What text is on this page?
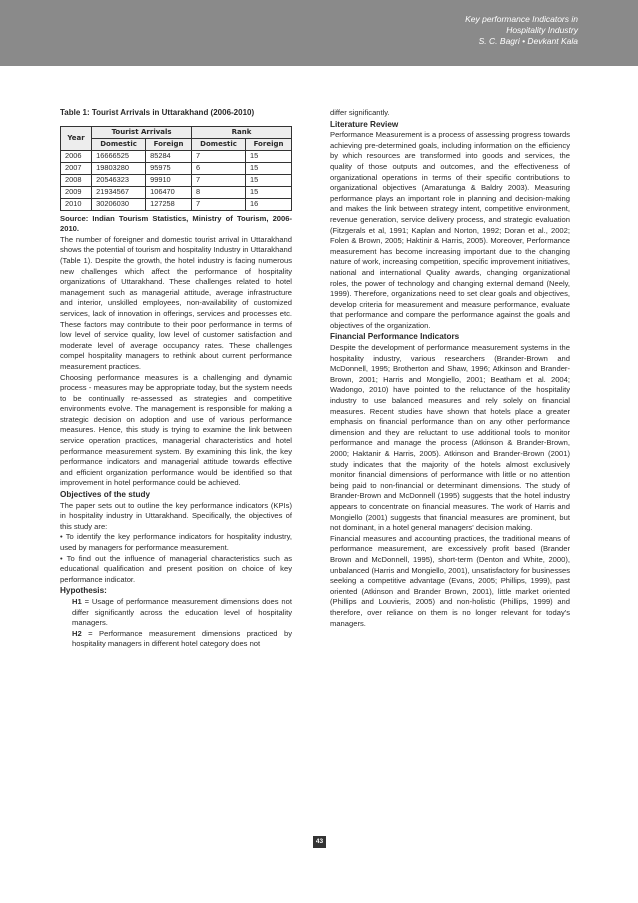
Key performance Indicators in
Hospitality Industry
S. C. Bagri • Devkant Kala
Table 1: Tourist Arrivals in Uttarakhand (2006-2010)
Year	Tourist Arrivals		Rank	
	Domestic	Foreign	Domestic	Foreign
2006	16666525	85284	7	15
2007	19803280	95975	6	15
2008	20546323	99910	7	15
2009	21934567	106470	8	15
2010	30206030	127258	7	16
Source: Indian Tourism Statistics, Ministry of Tourism, 2006-2010.

The number of foreigner and domestic tourist arrival in Uttarakhand shows the potential of tourism and hospitality Industry in Uttarakhand (Table 1). Despite the growth, the hotel industry is facing numerous new challenges which affect the performance of hospitality organizations of Uttarakhand. These challenges related to hotel management such as managerial attitude, average infrastructure and interior, unskilled employees, non-availability of customized services, lack of innovation in offerings, services and processes etc. These factors may contribute to their poor performance in terms of low level of service quality, low level of customer satisfaction and moderate level of average occupancy rates. These challenges compel hospitality managers to rethink about current performance measurement practices.

Choosing performance measures is a challenging and dynamic process - measures may be appropriate today, but the system needs to be continually re-assessed as strategies and competitive environments evolve. The management is responsible for making a strategic decision on adoption and use of various performance measures. Hence, this study is trying to examine the link between service operation practices, managerial characteristics and hotel performance measurement system. By examining this link, the key performance indicators and managerial attitude towards effective and efficient organization performance would be identified so that improvement in hotel performance could be achieved.

Objectives of the study

The paper sets out to outline the key performance indicators (KPIs) in hospitality industry in Uttarakhand. Specifically, the objectives of this study are:

• To identify the key performance indicators for hospitality industry, used by managers for performance measurement.

• To find out the influence of managerial characteristics such as educational qualification and present position on choice of key performance indicator.

Hypothesis:

H1 = Usage of performance measurement dimensions does not differ significantly across the education level of hospitality managers.

H2 = Performance measurement dimensions practiced by hospitality managers in different hotel category does not

differ significantly.

Literature Review

Performance Measurement is a process of assessing progress towards achieving pre-determined goals, including information on the efficiency by which resources are transformed into goods and services, the quality of those outputs and outcomes, and the effectiveness of organizational operations in terms of their specific contributions to organizational objectives (Amaratunga & Baldry 2003). Measuring performance plays an important role in planning and decision-making and makes the link between strategy intent, competitive environment, revenue generation, service delivery process, and strategic evaluation (Fitzgerals et al, 1991; Kaplan and Norton, 1992; Doran et al., 2002; Folen & Brown, 2005; Haktinir & Harris, 2005). Moreover, Performance measurement has become increasing important due to the changing nature of work, increasing competition, specific improvement initiatives, national and international Quality awards, changing organizational roles, the power of technology and changing external demand (Neely, 1999). Therefore, organizations need to set clear goals and objectives, develop criteria for measurement and measure performance, evaluate that performance and compare the performance against the goals and objectives of the organization.

Financial Performance Indicators

Despite the development of performance measurement systems in the hospitality industry, various researchers (Brander-Brown and McDonnell, 1995; Brotherton and Shaw, 1996; Atkinson and Brander-Brown, 2001; Harris and Mongiello, 2001; Beatham et al. 2004; Wadongo, 2010) have pointed to the reluctance of the hospitality industry to use balanced measures and rely solely on financial measures. Recent studies have shown that hotels place a greater emphasis on financial performance than on any other performance dimension and they are reluctant to use additional tools to monitor performance and manage the process (Atkinson & Brander-Brown, 2000; Haktanir & Harris, 2005). Atkinson and Brander-Brown (2001) study indicates that the majority of the hotels almost exclusively monitor financial dimensions of performance with little or no attention being paid to non-financial or determinant dimensions. The study of Brander-Brown and McDonnell (1995) suggests that the hotel industry appears to concentrate on financial measures. The work of Harris and Mongiello (2001) suggests that financial measures are prominent, but not dominant, in a hotel general managers' decision making.

Financial measures and accounting practices, the traditional means of performance measurement, are excessively profit based (Brander Brown and McDonnell, 1995), short-term (Denton and White, 2000), unbalanced (Harris and Mongiello, 2001), unsatisfactory for businesses seeking a competitive advantage (Evans, 2005; Phillips, 1999), past oriented (Atkinson and Brander Brown, 2001), little market oriented (Phillips and Louvieris, 2005) and non-holistic (Phillips, 1999) and therefore, over reliance on them is no longer relevant for today's managers.

43
